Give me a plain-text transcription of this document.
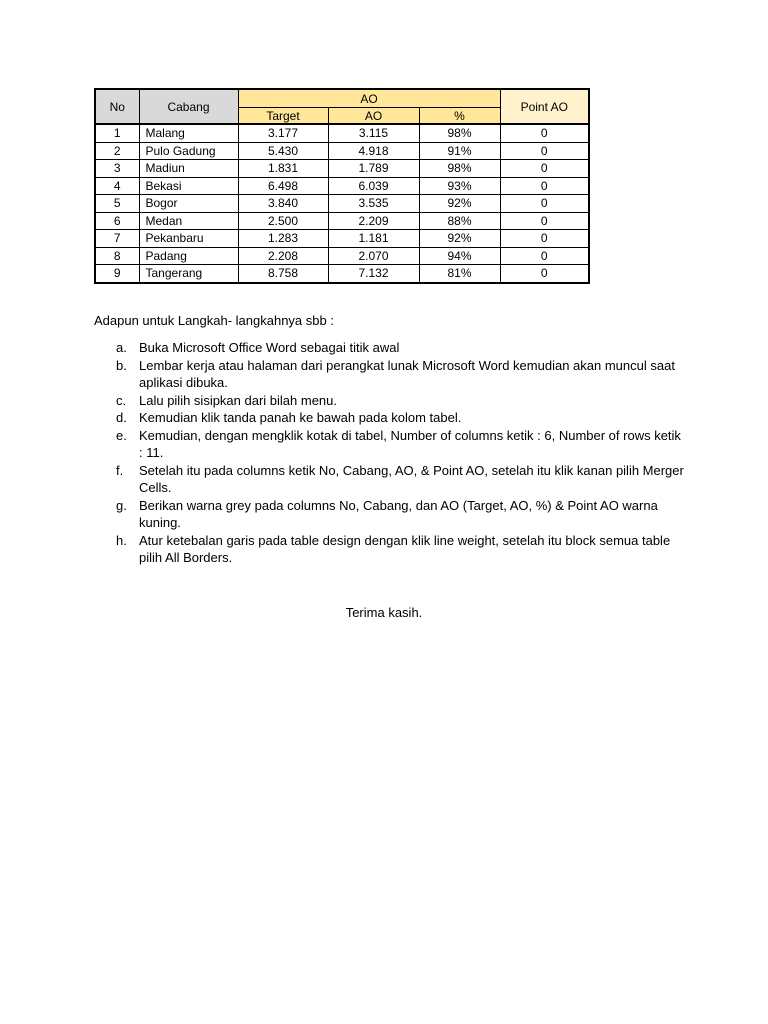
No	Cabang	AO			Point AO
		Target	AO	%	
1	Malang	3.177	3.115	98%	0
2	Pulo Gadung	5.430	4.918	91%	0
3	Madiun	1.831	1.789	98%	0
4	Bekasi	6.498	6.039	93%	0
5	Bogor	3.840	3.535	92%	0
6	Medan	2.500	2.209	88%	0
7	Pekanbaru	1.283	1.181	92%	0
8	Padang	2.208	2.070	94%	0
9	Tangerang	8.758	7.132	81%	0

Adapun untuk Langkah- langkahnya sbb :

a. Buka Microsoft Office Word sebagai titik awal
b. Lembar kerja atau halaman dari perangkat lunak Microsoft Word kemudian akan muncul saat aplikasi dibuka.
c. Lalu pilih sisipkan dari bilah menu.
d. Kemudian klik tanda panah ke bawah pada kolom tabel.
e. Kemudian, dengan mengklik kotak di tabel, Number of columns ketik : 6, Number of rows ketik : 11.
f.	Setelah itu pada columns ketik No, Cabang, AO, & Point AO, setelah itu klik kanan pilih Merger Cells.
g. Berikan warna grey pada columns No, Cabang, dan AO (Target, AO, %) & Point AO warna kuning.
h. Atur ketebalan garis pada table design dengan klik line weight, setelah itu block semua table pilih All Borders.

Terima kasih.
